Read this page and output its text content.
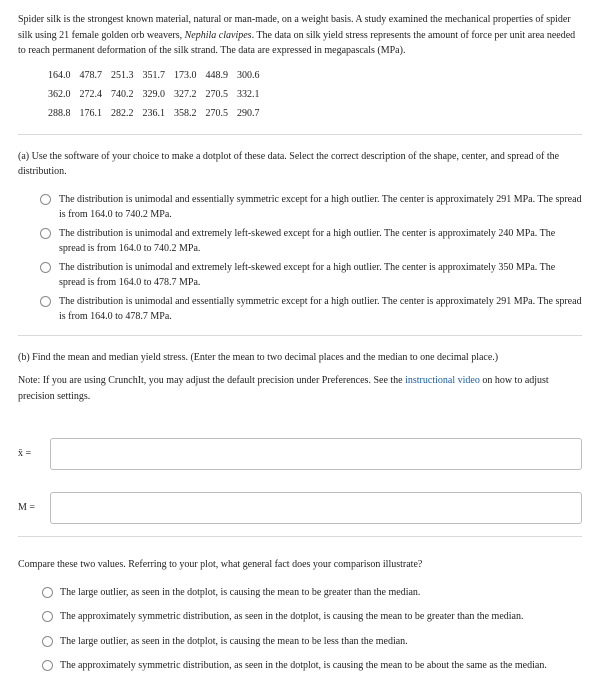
Spider silk is the strongest known material, natural or man-made, on a weight basis. A study examined the mechanical properties of spider silk using 21 female golden orb weavers, Nephila clavipes. The data on silk yield stress represents the amount of force per unit area needed to reach permanent deformation of the silk strand. The data are expressed in megapascals (MPa).

164.0	478.7	251.3	351.7	173.0	448.9	300.6
362.0	272.4	740.2	329.0	327.2	270.5	332.1
288.8	176.1	282.2	236.1	358.2	270.5	290.7

(a) Use the software of your choice to make a dotplot of these data. Select the correct description of the shape, center, and spread of the distribution.

The distribution is unimodal and essentially symmetric except for a high outlier. The center is approximately 291 MPa. The spread is from 164.0 to 740.2 MPa.
The distribution is unimodal and extremely left-skewed except for a high outlier. The center is approximately 240 MPa. The spread is from 164.0 to 740.2 MPa.
The distribution is unimodal and extremely left-skewed except for a high outlier. The center is approximately 350 MPa. The spread is from 164.0 to 478.7 MPa.
The distribution is unimodal and essentially symmetric except for a high outlier. The center is approximately 291 MPa. The spread is from 164.0 to 478.7 MPa.

(b) Find the mean and median yield stress. (Enter the mean to two decimal places and the median to one decimal place.)

Note: If you are using CrunchIt, you may adjust the default precision under Preferences. See the instructional video on how to adjust precision settings.

x̄ =
M =

Compare these two values. Referring to your plot, what general fact does your comparison illustrate?

The large outlier, as seen in the dotplot, is causing the mean to be greater than the median.
The approximately symmetric distribution, as seen in the dotplot, is causing the mean to be greater than the median.
The large outlier, as seen in the dotplot, is causing the mean to be less than the median.
The approximately symmetric distribution, as seen in the dotplot, is causing the mean to be about the same as the median.
